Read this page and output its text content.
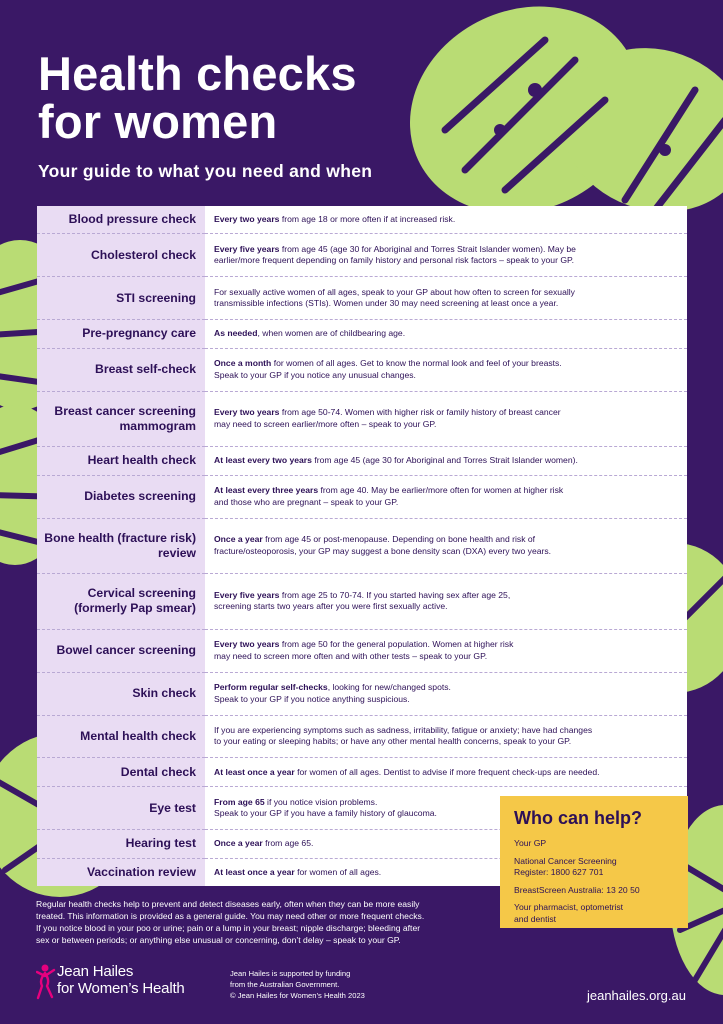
Health checks
for women
Your guide to what you need and when
Blood pressure check	Every two years from age 18 or more often if at increased risk.
Cholesterol check	Every five years from age 45 (age 30 for Aboriginal and Torres Strait Islander women). May be
earlier/more frequent depending on family history and personal risk factors – speak to your GP.
STI screening	For sexually active women of all ages, speak to your GP about how often to screen for sexually
transmissible infections (STIs). Women under 30 may need screening at least once a year.
Pre-pregnancy care	As needed, when women are of childbearing age.
Breast self-check	Once a month for women of all ages. Get to know the normal look and feel of your breasts.
Speak to your GP if you notice any unusual changes.
Breast cancer screening mammogram	Every two years from age 50-74. Women with higher risk or family history of breast cancer
may need to screen earlier/more often – speak to your GP.
Heart health check	At least every two years from age 45 (age 30 for Aboriginal and Torres Strait Islander women).
Diabetes screening	At least every three years from age 40. May be earlier/more often for women at higher risk
and those who are pregnant – speak to your GP.
Bone health (fracture risk) review	Once a year from age 45 or post-menopause. Depending on bone health and risk of
fracture/osteoporosis, your GP may suggest a bone density scan (DXA) every two years.
Cervical screening (formerly Pap smear)	Every five years from age 25 to 70-74. If you started having sex after age 25,
screening starts two years after you were first sexually active.
Bowel cancer screening	Every two years from age 50 for the general population. Women at higher risk
may need to screen more often and with other tests – speak to your GP.
Skin check	Perform regular self-checks, looking for new/changed spots.
Speak to your GP if you notice anything suspicious.
Mental health check	If you are experiencing symptoms such as sadness, irritability, fatigue or anxiety; have had changes
to your eating or sleeping habits; or have any other mental health concerns, speak to your GP.
Dental check	At least once a year for women of all ages. Dentist to advise if more frequent check-ups are needed.
Eye test	From age 65 if you notice vision problems.
Speak to your GP if you have a family history of glaucoma.
Hearing test	Once a year from age 65.
Vaccination review	At least once a year for women of all ages.
Who can help?
Your GP
National Cancer Screening
Register: 1800 627 701
BreastScreen Australia: 13 20 50
Your pharmacist, optometrist
and dentist
Regular health checks help to prevent and detect diseases early, often when they can be more easily
treated. This information is provided as a general guide. You may need other or more frequent checks.
If you notice blood in your poo or urine; pain or a lump in your breast; nipple discharge; bleeding after
sex or between periods; or anything else unusual or concerning, don’t delay – speak to your GP.
Jean Hailes
for Women’s Health
Jean Hailes is supported by funding
from the Australian Government.
© Jean Hailes for Women’s Health 2023	jeanhailes.org.au
